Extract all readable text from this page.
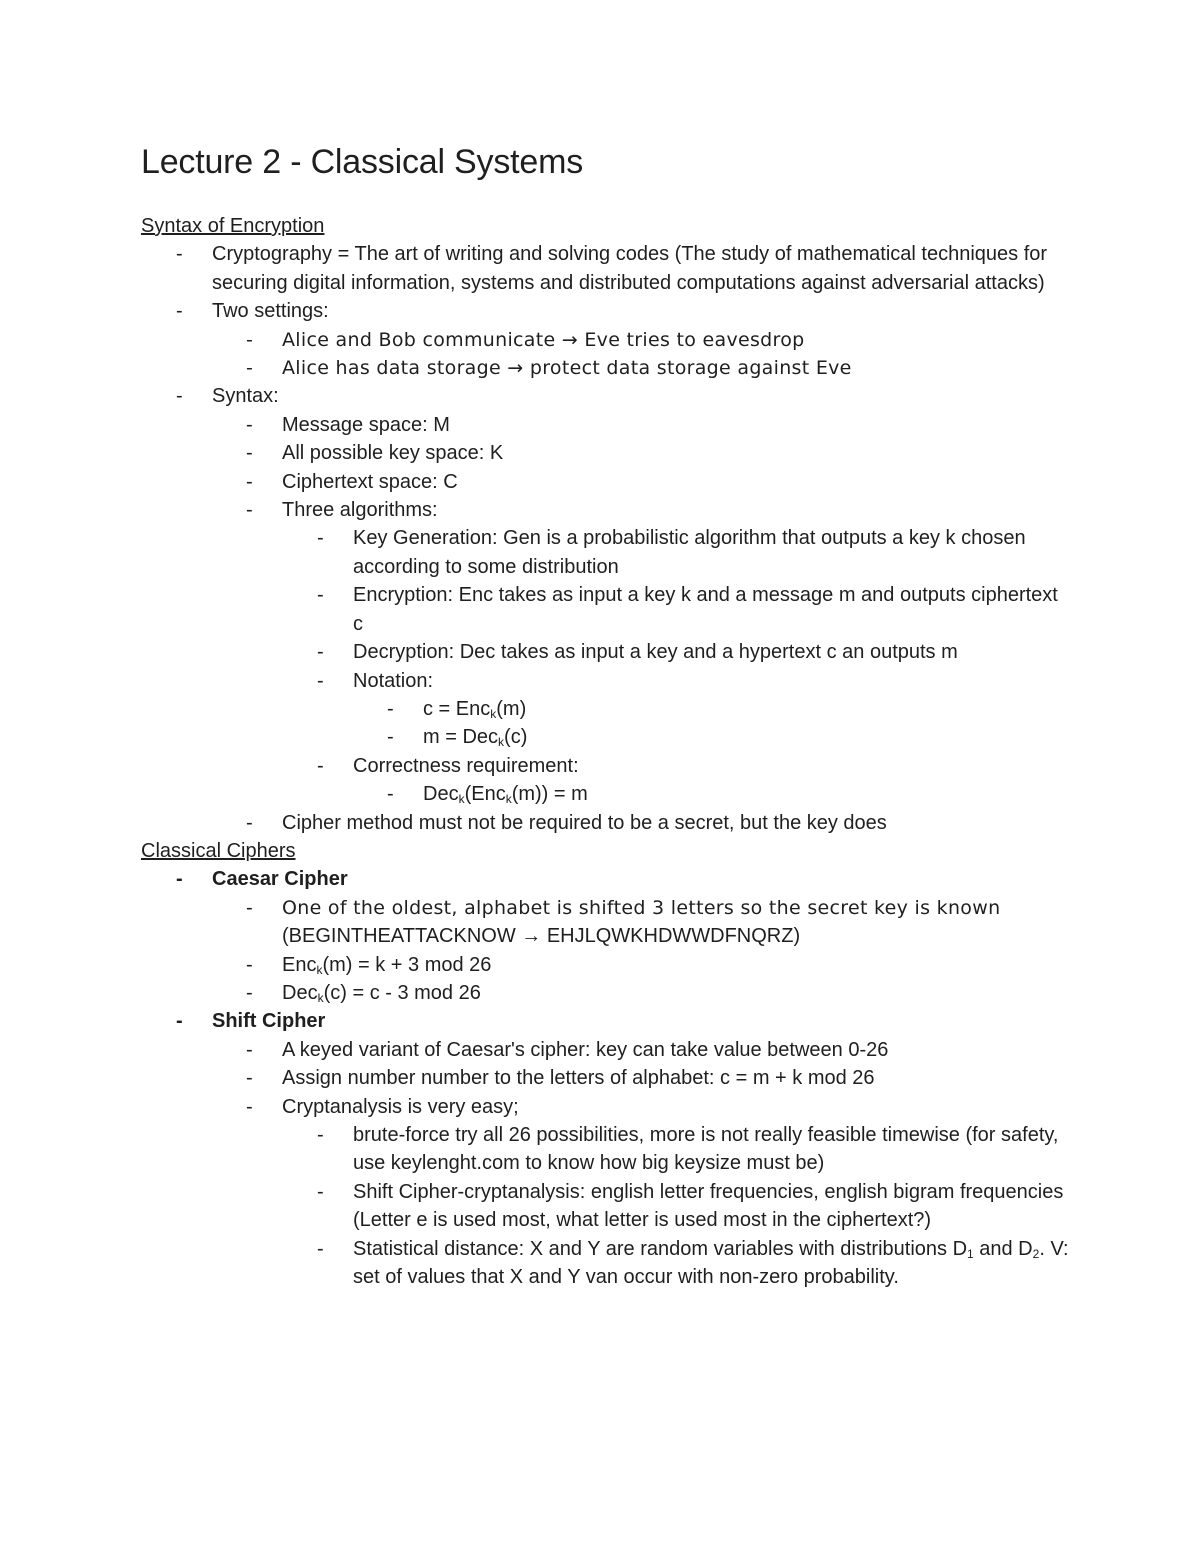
Lecture 2 - Classical Systems
Syntax of Encryption
- Cryptography = The art of writing and solving codes (The study of mathematical techniques for securing digital information, systems and distributed computations against adversarial attacks)
- Two settings:
- Alice and Bob communicate → Eve tries to eavesdrop
- Alice has data storage → protect data storage against Eve
- Syntax:
- Message space: M
- All possible key space: K
- Ciphertext space: C
- Three algorithms:
- Key Generation: Gen is a probabilistic algorithm that outputs a key k chosen according to some distribution
- Encryption: Enc takes as input a key k and a message m and outputs ciphertext c
- Decryption: Dec takes as input a key and a hypertext c an outputs m
- Notation:
- c = Enc$_k$(m)
- m = Dec$_k$(c)
- Correctness requirement:
- Dec$_k$(Enc$_k$(m)) = m
- Cipher method must not be required to be a secret, but the key does
Classical Ciphers
- Caesar Cipher
- One of the oldest, alphabet is shifted 3 letters so the secret key is known (BEGINTHEATTACKNOW → EHJLQWKHDWWDFNQRZ)
- Enc$_k$(m) = k + 3 mod 26
- Dec$_k$(c) = c - 3 mod 26
- Shift Cipher
- A keyed variant of Caesar's cipher: key can take value between 0-26
- Assign number number to the letters of alphabet: c = m + k mod 26
- Cryptanalysis is very easy;
- brute-force try all 26 possibilities, more is not really feasible timewise (for safety, use keylenght.com to know how big keysize must be)
- Shift Cipher-cryptanalysis: english letter frequencies, english bigram frequencies (Letter e is used most, what letter is used most in the ciphertext?)
- Statistical distance: X and Y are random variables with distributions $D_1$ and $D_2$. V: set of values that X and Y van occur with non-zero probability.
